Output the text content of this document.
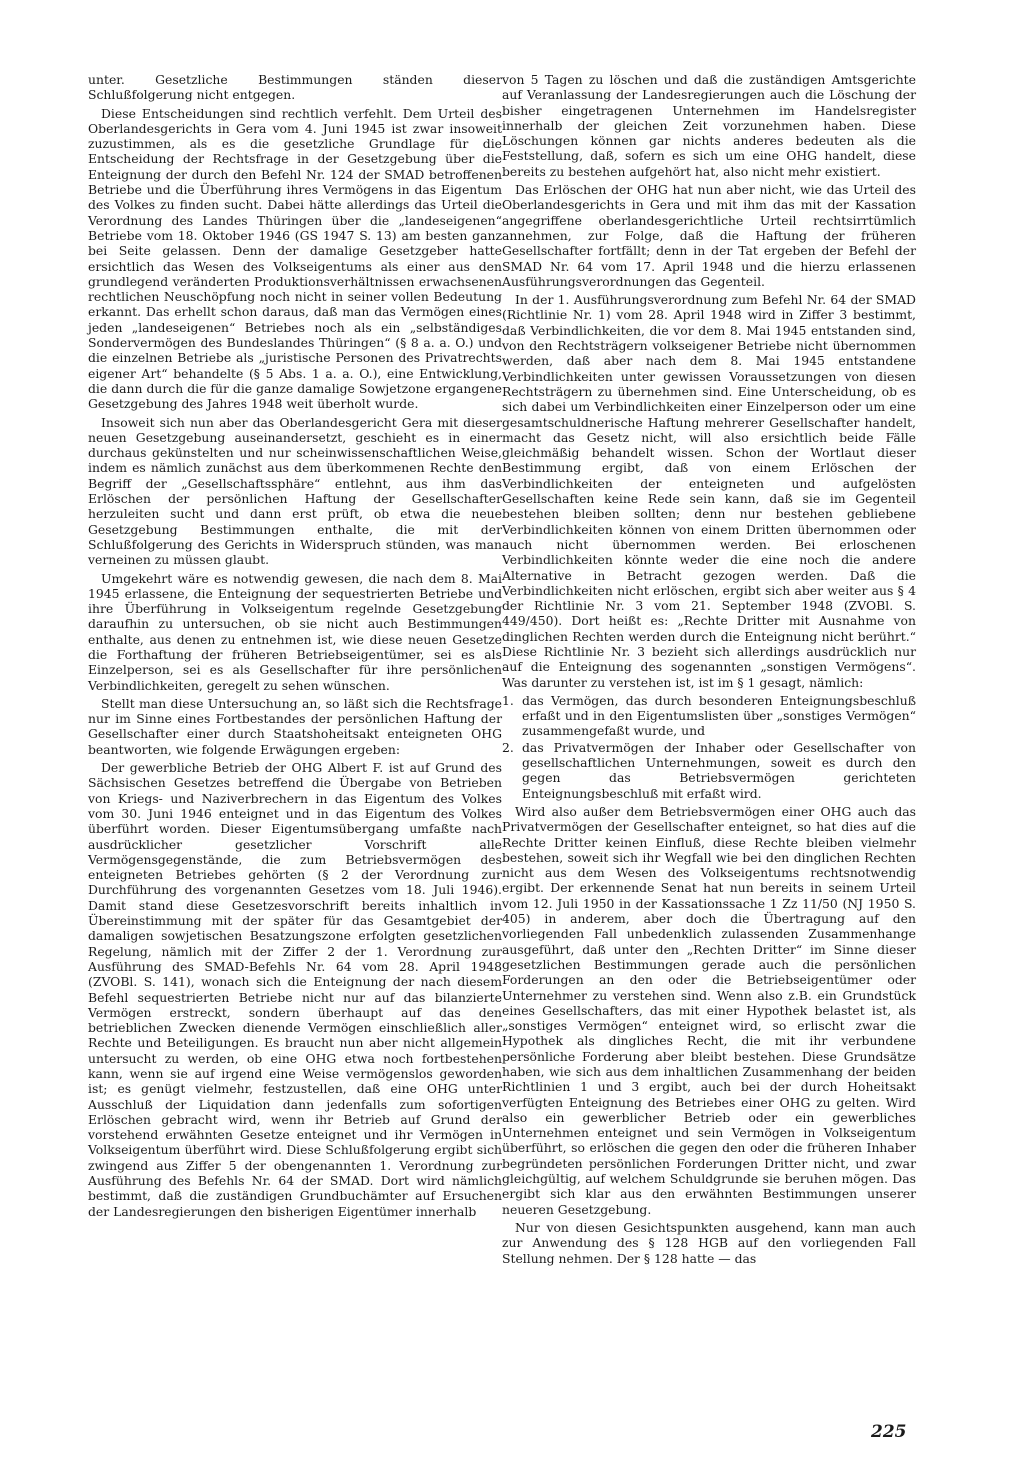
unter. Gesetzliche Bestimmungen ständen dieser Schlußfolgerung nicht entgegen.

Diese Entscheidungen sind rechtlich verfehlt. Dem Urteil des Oberlandesgerichts in Gera vom 4. Juni 1945 ist zwar insoweit zuzustimmen, als es die gesetzliche Grundlage für die Entscheidung der Rechtsfrage in der Gesetzgebung über die Enteignung der durch den Befehl Nr. 124 der SMAD betroffenen Betriebe und die Überführung ihres Vermögens in das Eigentum des Volkes zu finden sucht. Dabei hätte allerdings das Urteil die Verordnung des Landes Thüringen über die „landeseigenen“ Betriebe vom 18. Oktober 1946 (GS 1947 S. 13) am besten ganz bei Seite gelassen. Denn der damalige Gesetzgeber hatte ersichtlich das Wesen des Volkseigentums als einer aus den grundlegend veränderten Produktionsverhältnissen erwachsenen rechtlichen Neuschöpfung noch nicht in seiner vollen Bedeutung erkannt. Das erhellt schon daraus, daß man das Vermögen eines jeden „landeseigenen“ Betriebes noch als ein „selbständiges Sondervermögen des Bundeslandes Thüringen“ (§ 8 a. a. O.) und die einzelnen Betriebe als „juristische Personen des Privatrechts eigener Art“ behandelte (§ 5 Abs. 1 a. a. O.), eine Entwicklung, die dann durch die für die ganze damalige Sowjetzone ergangene Gesetzgebung des Jahres 1948 weit überholt wurde.

Insoweit sich nun aber das Oberlandesgericht Gera mit dieser neuen Gesetzgebung auseinandersetzt, geschieht es in einer durchaus gekünstelten und nur scheinwissenschaftlichen Weise, indem es nämlich zunächst aus dem überkommenen Rechte den Begriff der „Gesellschaftssphäre“ entlehnt, aus ihm das Erlöschen der persönlichen Haftung der Gesellschafter herzuleiten sucht und dann erst prüft, ob etwa die neue Gesetzgebung Bestimmungen enthalte, die mit der Schlußfolgerung des Gerichts in Widerspruch stünden, was man verneinen zu müssen glaubt.

Umgekehrt wäre es notwendig gewesen, die nach dem 8. Mai 1945 erlassene, die Enteignung der sequestrierten Betriebe und ihre Überführung in Volkseigentum regelnde Gesetzgebung daraufhin zu untersuchen, ob sie nicht auch Bestimmungen enthalte, aus denen zu entnehmen ist, wie diese neuen Gesetze die Forthaftung der früheren Betriebseigentümer, sei es als Einzelperson, sei es als Gesellschafter für ihre persönlichen Verbindlichkeiten, geregelt zu sehen wünschen.

Stellt man diese Untersuchung an, so läßt sich die Rechtsfrage nur im Sinne eines Fortbestandes der persönlichen Haftung der Gesellschafter einer durch Staatshoheitsakt enteigneten OHG beantworten, wie folgende Erwägungen ergeben:

Der gewerbliche Betrieb der OHG Albert F. ist auf Grund des Sächsischen Gesetzes betreffend die Übergabe von Betrieben von Kriegs- und Naziverbrechern in das Eigentum des Volkes vom 30. Juni 1946 enteignet und in das Eigentum des Volkes überführt worden. Dieser Eigentumsübergang umfaßte nach ausdrücklicher gesetzlicher Vorschrift alle Vermögensgegenstände, die zum Betriebsvermögen des enteigneten Betriebes gehörten (§ 2 der Verordnung zur Durchführung des vorgenannten Gesetzes vom 18. Juli 1946). Damit stand diese Gesetzesvorschrift bereits inhaltlich in Übereinstimmung mit der später für das Gesamtgebiet der damaligen sowjetischen Besatzungszone erfolgten gesetzlichen Regelung, nämlich mit der Ziffer 2 der 1. Verordnung zur Ausführung des SMAD-Befehls Nr. 64 vom 28. April 1948 (ZVOBl. S. 141), wonach sich die Enteignung der nach diesem Befehl sequestrierten Betriebe nicht nur auf das bilanzierte Vermögen erstreckt, sondern überhaupt auf das den betrieblichen Zwecken dienende Vermögen einschließlich aller Rechte und Beteiligungen. Es braucht nun aber nicht allgemein untersucht zu werden, ob eine OHG etwa noch fortbestehen kann, wenn sie auf irgend eine Weise vermögenslos geworden ist; es genügt vielmehr, festzustellen, daß eine OHG unter Ausschluß der Liquidation dann jedenfalls zum sofortigen Erlöschen gebracht wird, wenn ihr Betrieb auf Grund der vorstehend erwähnten Gesetze enteignet und ihr Vermögen in Volkseigentum überführt wird. Diese Schlußfolgerung ergibt sich zwingend aus Ziffer 5 der obengenannten 1. Verordnung zur Ausführung des Befehls Nr. 64 der SMAD. Dort wird nämlich bestimmt, daß die zuständigen Grundbuchämter auf Ersuchen der Landesregierungen den bisherigen Eigentümer innerhalb

von 5 Tagen zu löschen und daß die zuständigen Amtsgerichte auf Veranlassung der Landesregierungen auch die Löschung der bisher eingetragenen Unternehmen im Handelsregister innerhalb der gleichen Zeit vorzunehmen haben. Diese Löschungen können gar nichts anderes bedeuten als die Feststellung, daß, sofern es sich um eine OHG handelt, diese bereits zu bestehen aufgehört hat, also nicht mehr existiert.

Das Erlöschen der OHG hat nun aber nicht, wie das Urteil des Oberlandesgerichts in Gera und mit ihm das mit der Kassation angegriffene oberlandesgerichtliche Urteil rechtsirrtümlich annehmen, zur Folge, daß die Haftung der früheren Gesellschafter fortfällt; denn in der Tat ergeben der Befehl der SMAD Nr. 64 vom 17. April 1948 und die hierzu erlassenen Ausführungsverordnungen das Gegenteil.

In der 1. Ausführungsverordnung zum Befehl Nr. 64 der SMAD (Richtlinie Nr. 1) vom 28. April 1948 wird in Ziffer 3 bestimmt, daß Verbindlichkeiten, die vor dem 8. Mai 1945 entstanden sind, von den Rechtsträgern volkseigener Betriebe nicht übernommen werden, daß aber nach dem 8. Mai 1945 entstandene Verbindlichkeiten unter gewissen Voraussetzungen von diesen Rechtsträgern zu übernehmen sind. Eine Unterscheidung, ob es sich dabei um Verbindlichkeiten einer Einzelperson oder um eine gesamtschuldnerische Haftung mehrerer Gesellschafter handelt, macht das Gesetz nicht, will also ersichtlich beide Fälle gleichmäßig behandelt wissen. Schon der Wortlaut dieser Bestimmung ergibt, daß von einem Erlöschen der Verbindlichkeiten der enteigneten und aufgelösten Gesellschaften keine Rede sein kann, daß sie im Gegenteil bestehen bleiben sollten; denn nur bestehen gebliebene Verbindlichkeiten können von einem Dritten übernommen oder auch nicht übernommen werden. Bei erloschenen Verbindlichkeiten könnte weder die eine noch die andere Alternative in Betracht gezogen werden. Daß die Verbindlichkeiten nicht erlöschen, ergibt sich aber weiter aus § 4 der Richtlinie Nr. 3 vom 21. September 1948 (ZVOBl. S. 449/450). Dort heißt es: „Rechte Dritter mit Ausnahme von dinglichen Rechten werden durch die Enteignung nicht berührt.“ Diese Richtlinie Nr. 3 bezieht sich allerdings ausdrücklich nur auf die Enteignung des sogenannten „sonstigen Vermögens“. Was darunter zu verstehen ist, ist im § 1 gesagt, nämlich:

1. das Vermögen, das durch besonderen Enteignungsbeschluß erfaßt und in den Eigentumslisten über „sonstiges Vermögen“ zusammengefaßt wurde, und
2. das Privatvermögen der Inhaber oder Gesellschafter von gesellschaftlichen Unternehmungen, soweit es durch den gegen das Betriebsvermögen gerichteten Enteignungsbeschluß mit erfaßt wird.

Wird also außer dem Betriebsvermögen einer OHG auch das Privatvermögen der Gesellschafter enteignet, so hat dies auf die Rechte Dritter keinen Einfluß, diese Rechte bleiben vielmehr bestehen, soweit sich ihr Wegfall wie bei den dinglichen Rechten nicht aus dem Wesen des Volkseigentums rechtsnotwendig ergibt. Der erkennende Senat hat nun bereits in seinem Urteil vom 12. Juli 1950 in der Kassationssache 1 Zz 11/50 (NJ 1950 S. 405) in anderem, aber doch die Übertragung auf den vorliegenden Fall unbedenklich zulassenden Zusammenhange ausgeführt, daß unter den „Rechten Dritter“ im Sinne dieser gesetzlichen Bestimmungen gerade auch die persönlichen Forderungen an den oder die Betriebseigentümer oder Unternehmer zu verstehen sind. Wenn also z.B. ein Grundstück eines Gesellschafters, das mit einer Hypothek belastet ist, als „sonstiges Vermögen“ enteignet wird, so erlischt zwar die Hypothek als dingliches Recht, die mit ihr verbundene persönliche Forderung aber bleibt bestehen. Diese Grundsätze haben, wie sich aus dem inhaltlichen Zusammenhang der beiden Richtlinien 1 und 3 ergibt, auch bei der durch Hoheitsakt verfügten Enteignung des Betriebes einer OHG zu gelten. Wird also ein gewerblicher Betrieb oder ein gewerbliches Unternehmen enteignet und sein Vermögen in Volkseigentum überführt, so erlöschen die gegen den oder die früheren Inhaber begründeten persönlichen Forderungen Dritter nicht, und zwar gleichgültig, auf welchem Schuldgrunde sie beruhen mögen. Das ergibt sich klar aus den erwähnten Bestimmungen unserer neueren Gesetzgebung.

Nur von diesen Gesichtspunkten ausgehend, kann man auch zur Anwendung des § 128 HGB auf den vorliegenden Fall Stellung nehmen. Der § 128 hatte — das

225
